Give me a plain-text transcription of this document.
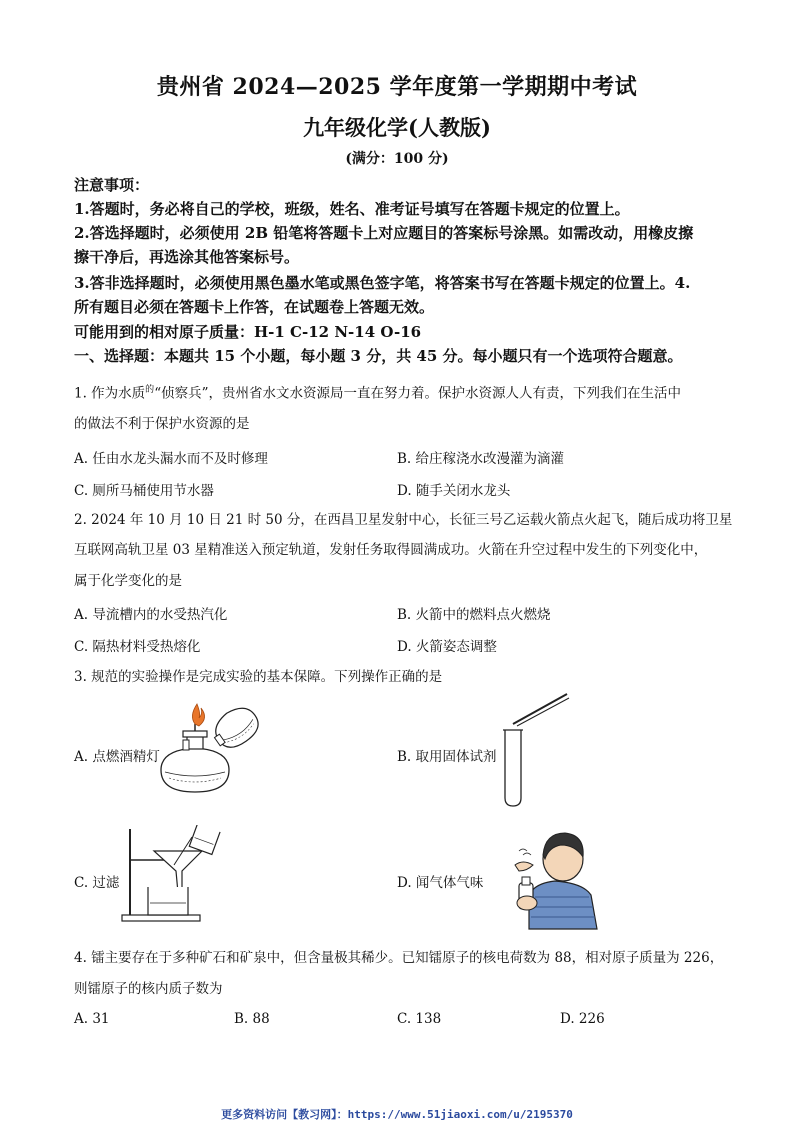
贵州省 2024—2025 学年度第一学期期中考试
九年级化学(人教版)
(满分：100 分)
注意事项：
1.答题时，务必将自己的学校，班级，姓名、准考证号填写在答题卡规定的位置上。
2.答选择题时，必须使用 2B 铅笔将答题卡上对应题目的答案标号涂黑。如需改动，用橡皮擦
擦干净后，再选涂其他答案标号。
3.答非选择题时，必须使用黑色墨水笔或黑色签字笔，将答案书写在答题卡规定的位置上。4.
所有题目必须在答题卡上作答，在试题卷上答题无效。
可能用到的相对原子质量：H-1 C-12 N-14 O-16
一、选择题：本题共 15 个小题，每小题 3 分，共 45 分。每小题只有一个选项符合题意。
1. 作为水质$^的$“侦察兵”，贵州省水文水资源局一直在努力着。保护水资源人人有责，下列我们在生活中
的做法不利于保护水资源的是
A. 任由水龙头漏水而不及时修理	B. 给庄稼浇水改漫灌为滴灌
C. 厕所马桶使用节水器	D. 随手关闭水龙头
2. 2024 年 10 月 10 日 21 时 50 分，在西昌卫星发射中心，长征三号乙运载火箭点火起飞，随后成功将卫星
互联网高轨卫星 03 星精准送入预定轨道，发射任务取得圆满成功。火箭在升空过程中发生的下列变化中，
属于化学变化的是
A. 导流槽内的水受热汽化	B. 火箭中的燃料点火燃烧
C. 隔热材料受热熔化	D. 火箭姿态调整
3. 规范的实验操作是完成实验的基本保障。下列操作正确的是
A. 点燃酒精灯	B. 取用固体试剂
C. 过滤	D. 闻气体气味
4. 镭主要存在于多种矿石和矿泉中，但含量极其稀少。已知镭原子的核电荷数为 88，相对原子质量为 226，
则镭原子的核内质子数为
A. 31	B. 88	C. 138	D. 226
更多资料访问【教习网】：https://www.51jiaoxi.com/u/2195370
